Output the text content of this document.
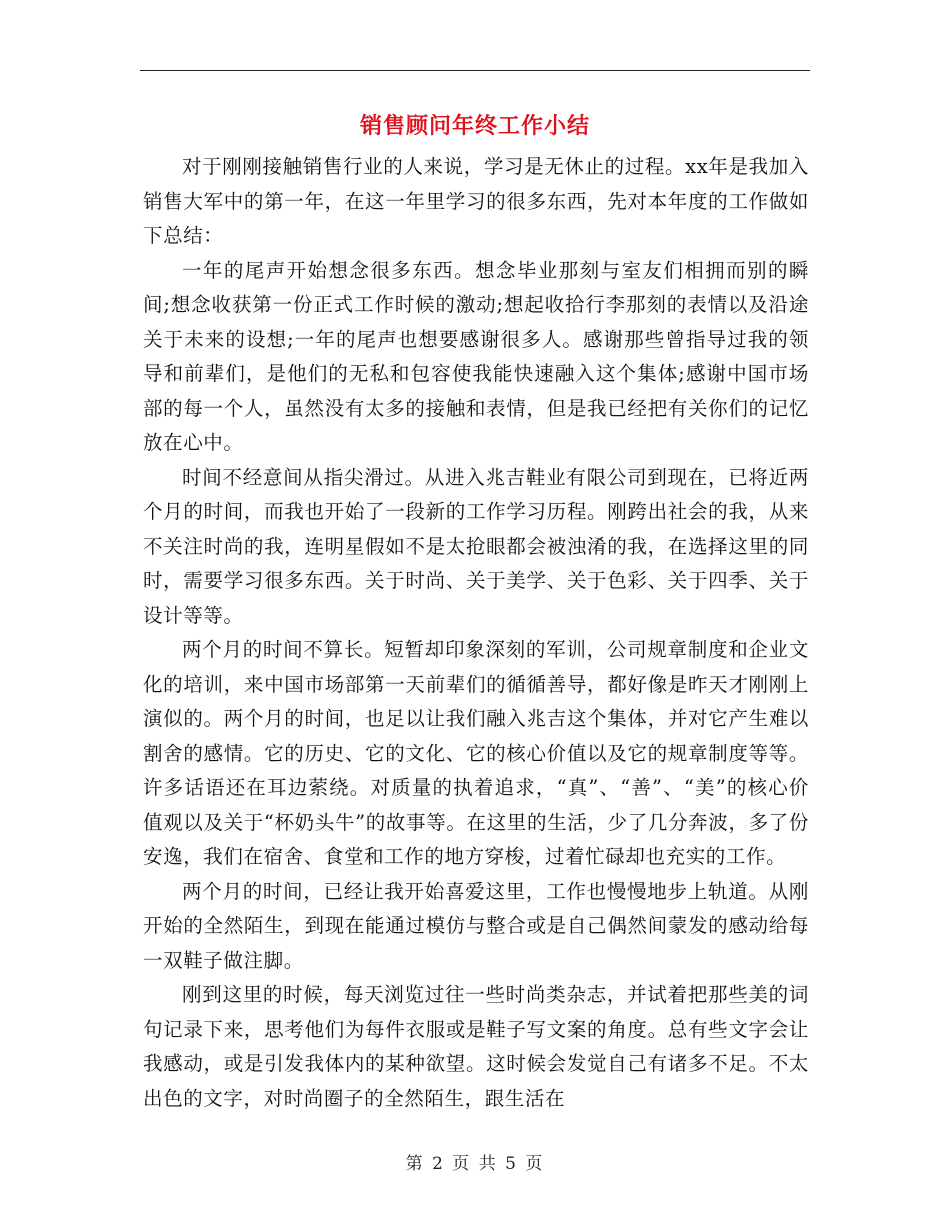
销售顾问年终工作小结

对于刚刚接触销售行业的人来说，学习是无休止的过程。xx年是我加入销售大军中的第一年，在这一年里学习的很多东西，先对本年度的工作做如下总结：

一年的尾声开始想念很多东西。想念毕业那刻与室友们相拥而别的瞬间;想念收获第一份正式工作时候的激动;想起收拾行李那刻的表情以及沿途关于未来的设想;一年的尾声也想要感谢很多人。感谢那些曾指导过我的领导和前辈们，是他们的无私和包容使我能快速融入这个集体;感谢中国市场部的每一个人，虽然没有太多的接触和表情，但是我已经把有关你们的记忆放在心中。

时间不经意间从指尖滑过。从进入兆吉鞋业有限公司到现在，已将近两个月的时间，而我也开始了一段新的工作学习历程。刚跨出社会的我，从来不关注时尚的我，连明星假如不是太抢眼都会被浊淆的我，在选择这里的同时，需要学习很多东西。关于时尚、关于美学、关于色彩、关于四季、关于设计等等。

两个月的时间不算长。短暂却印象深刻的军训，公司规章制度和企业文化的培训，来中国市场部第一天前辈们的循循善导，都好像是昨天才刚刚上演似的。两个月的时间，也足以让我们融入兆吉这个集体，并对它产生难以割舍的感情。它的历史、它的文化、它的核心价值以及它的规章制度等等。许多话语还在耳边萦绕。对质量的执着追求，“真”、“善”、“美”的核心价值观以及关于“杯奶头牛”的故事等。在这里的生活，少了几分奔波，多了份安逸，我们在宿舍、食堂和工作的地方穿梭，过着忙碌却也充实的工作。

两个月的时间，已经让我开始喜爱这里，工作也慢慢地步上轨道。从刚开始的全然陌生，到现在能通过模仿与整合或是自己偶然间蒙发的感动给每一双鞋子做注脚。

刚到这里的时候，每天浏览过往一些时尚类杂志，并试着把那些美的词句记录下来，思考他们为每件衣服或是鞋子写文案的角度。总有些文字会让我感动，或是引发我体内的某种欲望。这时候会发觉自己有诸多不足。不太出色的文字，对时尚圈子的全然陌生，跟生活在

第 2 页 共 5 页
